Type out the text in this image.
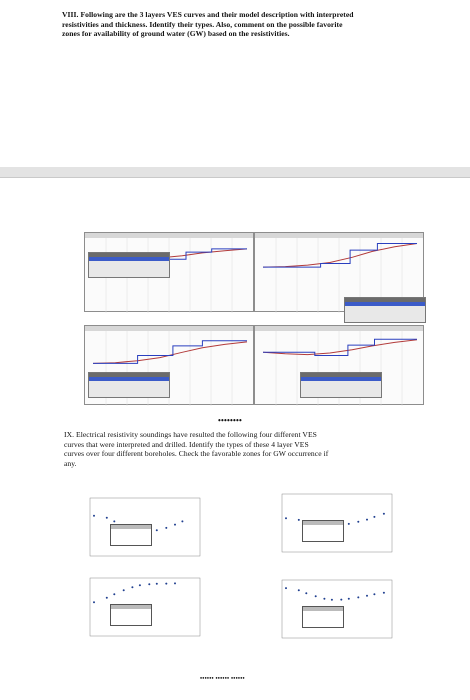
VIII. Following are the 3 layers VES curves and their model description with interpreted
resistivities and thickness. Identify their types. Also, comment on the possible favorite
zones for availability of ground water (GW) based on the resistivities.
••••••••
IX. Electrical resistivity soundings have resulted the following four different VES
curves that were interpreted and drilled. Identify the types of these 4 layer VES
curves over four different boreholes. Check the favorable zones for GW occurrence if
any.
•••••• •••••• ••••••
